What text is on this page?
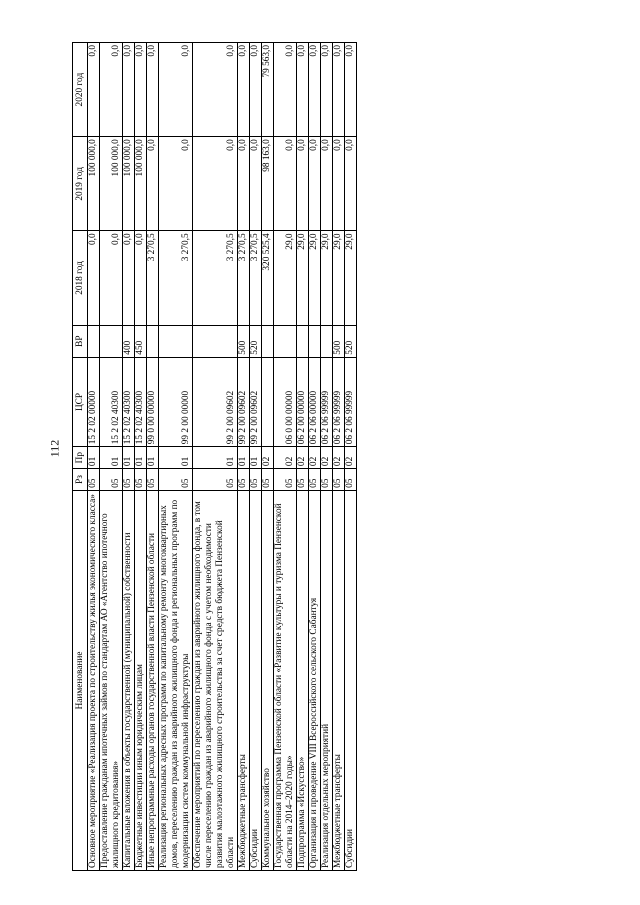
112
Наименование	Рз	Пр	ЦСР	ВР	2018 год	2019 год	2020 год
Основное мероприятие «Реализация проекта по строительству жилья экономического класса»	05	01	15 2 02 00000		0,0	100 000,0	0,0
Предоставление гражданам ипотечных займов по стандартам АО «Агентство ипотечного жилищного кредитования»	05	01	15 2 02 40300		0,0	100 000,0	0,0
Капитальные вложения в объекты государственной (муниципальной) собственности	05	01	15 2 02 40300	400	0,0	100 000,0	0,0
Бюджетные инвестиции иным юридическим лицам	05	01	15 2 02 40300	450	0,0	100 000,0	0,0
Иные непрограммные расходы органов государственной власти Пензенской области	05	01	99 0 00 00000		3 270,5	0,0	0,0
Реализация региональных адресных программ по капитальному ремонту многоквартирных домов, переселению граждан из аварийного жилищного фонда и региональных программ по модернизации систем коммунальной инфраструктуры	05	01	99 2 00 00000		3 270,5	0,0	0,0
Обеспечение мероприятий по переселению граждан из аварийного жилищного фонда, в том числе переселению граждан из аварийного жилищного фонда с учетом необходимости развития малоэтажного жилищного строительства за счет средств бюджета Пензенской области	05	01	99 2 00 09602		3 270,5	0,0	0,0
Межбюджетные трансферты	05	01	99 2 00 09602	500	3 270,5	0,0	0,0
Субсидии	05	01	99 2 00 09602	520	3 270,5	0,0	0,0
Коммунальное хозяйство	05	02			320 525,4	98 163,0	79 563,0
Государственная программа Пензенской области «Развитие культуры и туризма Пензенской области на 2014–2020 годы»	05	02	06 0 00 00000		29,0	0,0	0,0
Подпрограмма «Искусство»	05	02	06 2 00 00000		29,0	0,0	0,0
Организация и проведение VIII Всероссийского сельского Сабантуя	05	02	06 2 06 00000		29,0	0,0	0,0
Реализация отдельных мероприятий	05	02	06 2 06 99999		29,0	0,0	0,0
Межбюджетные трансферты	05	02	06 2 06 99999	500	29,0	0,0	0,0
Субсидии	05	02	06 2 06 99999	520	29,0	0,0	0,0
